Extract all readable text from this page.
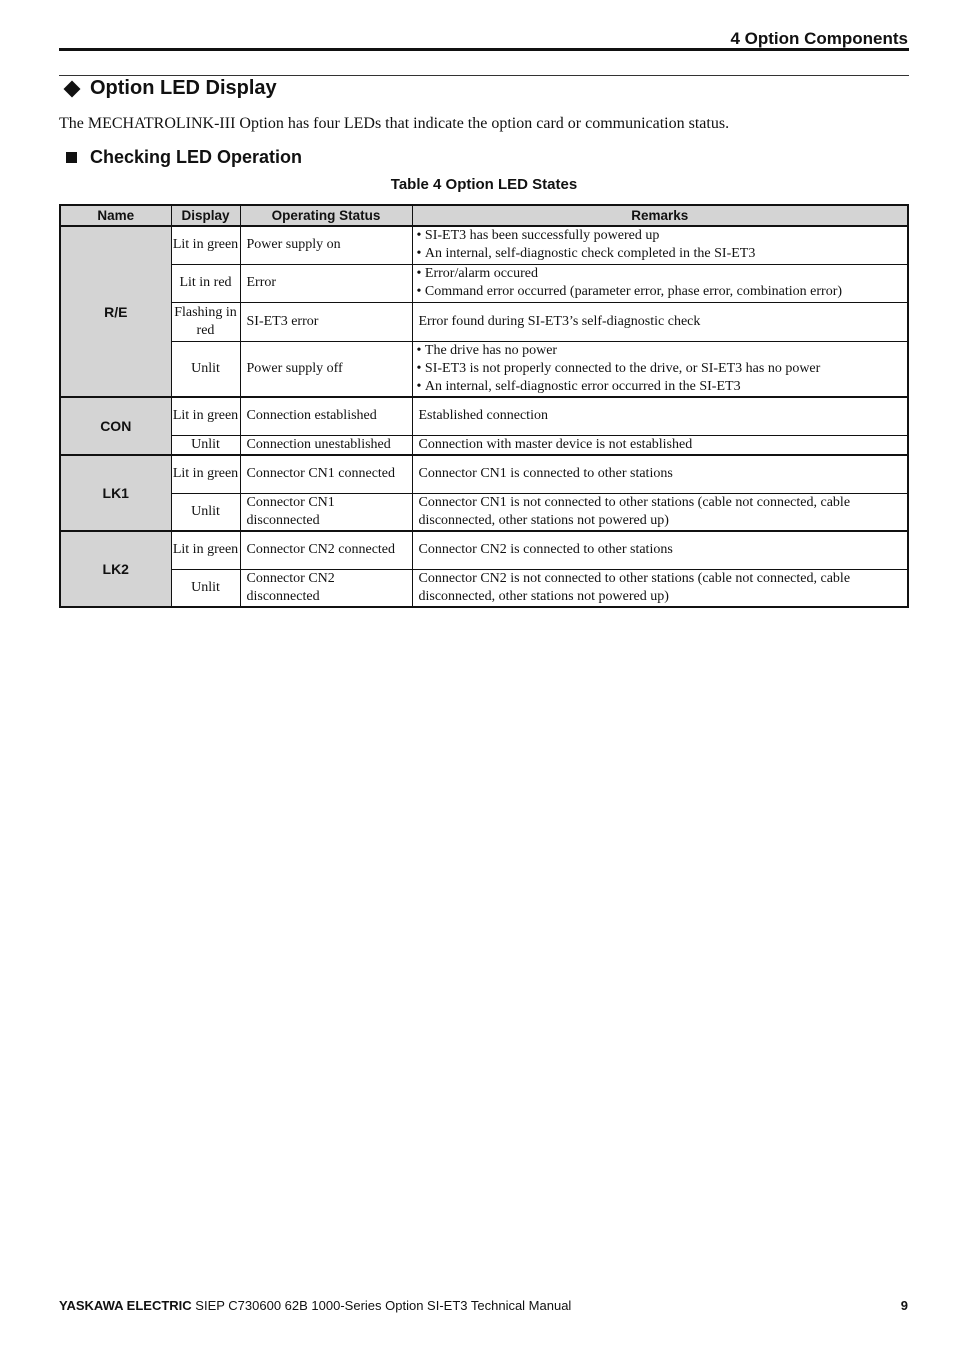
4 Option Components
Option LED Display
The MECHATROLINK-III Option has four LEDs that indicate the option card or communication status.
Checking LED Operation
Table 4 Option LED States
Name	Display	Operating Status	Remarks
R/E	Lit in green	Power supply on	• SI-ET3 has been successfully powered up
• An internal, self-diagnostic check completed in the SI-ET3

	Lit in red	Error	• Error/alarm occured
• Command error occurred (parameter error, phase error, combination error)

	Flashing in red	SI-ET3 error	Error found during SI-ET3’s self-diagnostic check
	Unlit	Power supply off	• The drive has no power
• SI-ET3 is not properly connected to the drive, or SI-ET3 has no power
• An internal, self-diagnostic error occurred in the SI-ET3

CON	Lit in green	Connection established	Established connection
	Unlit	Connection unestablished	Connection with master device is not established
LK1	Lit in green	Connector CN1 connected	Connector CN1 is connected to other stations
	Unlit	Connector CN1 disconnected	Connector CN1 is not connected to other stations (cable not connected, cable disconnected, other stations not powered up)
LK2	Lit in green	Connector CN2 connected	Connector CN2 is connected to other stations
	Unlit	Connector CN2 disconnected	Connector CN2 is not connected to other stations (cable not connected, cable disconnected, other stations not powered up)
YASKAWA ELECTRIC SIEP C730600 62B 1000-Series Option SI-ET3 Technical Manual	9
